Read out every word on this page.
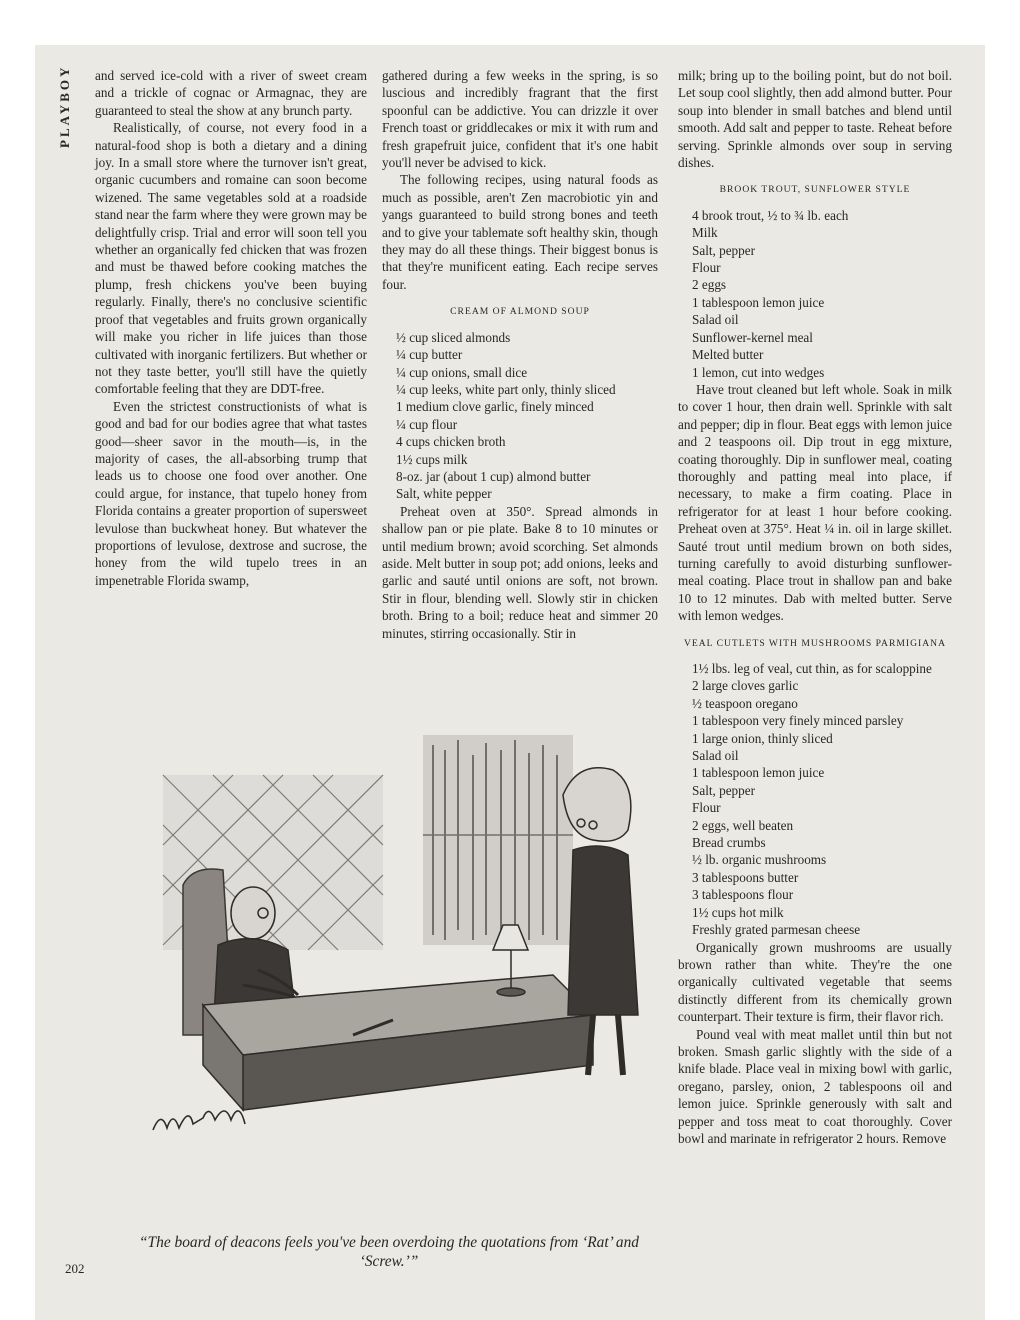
PLAYBOY	and served ice-cold with a river of sweet cream and a trickle of cognac or Armagnac, they are guaranteed to steal the show at any brunch party.

Realistically, of course, not every food in a natural-food shop is both a dietary and a dining joy. In a small store where the turnover isn't great, organic cucumbers and romaine can soon become wizened. The same vegetables sold at a roadside stand near the farm where they were grown may be delightfully crisp. Trial and error will soon tell you whether an organically fed chicken that was frozen and must be thawed before cooking matches the plump, fresh chickens you've been buying regularly. Finally, there's no conclusive scientific proof that vegetables and fruits grown organically will make you richer in life juices than those cultivated with inorganic fertilizers. But whether or not they taste better, you'll still have the quietly comfortable feeling that they are DDT-free.

Even the strictest constructionists of what is good and bad for our bodies agree that what tastes good—sheer savor in the mouth—is, in the majority of cases, the all-absorbing trump that leads us to choose one food over another. One could argue, for instance, that tupelo honey from Florida contains a greater proportion of supersweet levulose than buckwheat honey. But whatever the proportions of levulose, dextrose and sucrose, the honey from the wild tupelo trees in an impenetrable Florida swamp,

gathered during a few weeks in the spring, is so luscious and incredibly fragrant that the first spoonful can be addictive. You can drizzle it over French toast or griddlecakes or mix it with rum and fresh grapefruit juice, confident that it's one habit you'll never be advised to kick.

The following recipes, using natural foods as much as possible, aren't Zen macrobiotic yin and yangs guaranteed to build strong bones and teeth and to give your tablemate soft healthy skin, though they may do all these things. Their biggest bonus is that they're munificent eating. Each recipe serves four.

CREAM OF ALMOND SOUP
½ cup sliced almonds
¼ cup butter
¼ cup onions, small dice
¼ cup leeks, white part only, thinly sliced
1 medium clove garlic, finely minced
¼ cup flour
4 cups chicken broth
1½ cups milk
8-oz. jar (about 1 cup) almond butter
Salt, white pepper

Preheat oven at 350°. Spread almonds in shallow pan or pie plate. Bake 8 to 10 minutes or until medium brown; avoid scorching. Set almonds aside. Melt butter in soup pot; add onions, leeks and garlic and sauté until onions are soft, not brown. Stir in flour, blending well. Slowly stir in chicken broth. Bring to a boil; reduce heat and simmer 20 minutes, stirring occasionally. Stir in

milk; bring up to the boiling point, but do not boil. Let soup cool slightly, then add almond butter. Pour soup into blender in small batches and blend until smooth. Add salt and pepper to taste. Reheat before serving. Sprinkle almonds over soup in serving dishes.

BROOK TROUT, SUNFLOWER STYLE
4 brook trout, ½ to ¾ lb. each
Milk
Salt, pepper
Flour
2 eggs
1 tablespoon lemon juice
Salad oil
Sunflower-kernel meal
Melted butter
1 lemon, cut into wedges

Have trout cleaned but left whole. Soak in milk to cover 1 hour, then drain well. Sprinkle with salt and pepper; dip in flour. Beat eggs with lemon juice and 2 teaspoons oil. Dip trout in egg mixture, coating thoroughly. Dip in sunflower meal, coating thoroughly and patting meal into place, if necessary, to make a firm coating. Place in refrigerator for at least 1 hour before cooking. Preheat oven at 375°. Heat ¼ in. oil in large skillet. Sauté trout until medium brown on both sides, turning carefully to avoid disturbing sunflower-meal coating. Place trout in shallow pan and bake 10 to 12 minutes. Dab with melted butter. Serve with lemon wedges.

VEAL CUTLETS WITH MUSHROOMS PARMIGIANA
1½ lbs. leg of veal, cut thin, as for scaloppine
2 large cloves garlic
½ teaspoon oregano
1 tablespoon very finely minced parsley
1 large onion, thinly sliced
Salad oil
1 tablespoon lemon juice
Salt, pepper
Flour
2 eggs, well beaten
Bread crumbs
½ lb. organic mushrooms
3 tablespoons butter
3 tablespoons flour
1½ cups hot milk
Freshly grated parmesan cheese

Organically grown mushrooms are usually brown rather than white. They're the one organically cultivated vegetable that seems distinctly different from its chemically grown counterpart. Their texture is firm, their flavor rich.

Pound veal with meat mallet until thin but not broken. Smash garlic slightly with the side of a knife blade. Place veal in mixing bowl with garlic, oregano, parsley, onion, 2 tablespoons oil and lemon juice. Sprinkle generously with salt and pepper and toss meat to coat thoroughly. Cover bowl and marinate in refrigerator 2 hours. Remove

“The board of deacons feels you've been overdoing the quotations from ‘Rat’ and ‘Screw.’”
202
